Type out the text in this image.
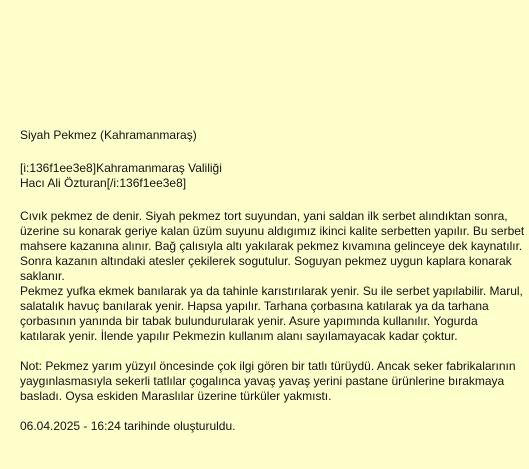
Siyah Pekmez (Kahramanmaraş)

[i:136f1ee3e8]Kahramanmaraş Valiliği
Hacı Ali Özturan[/i:136f1ee3e8]

Cıvık pekmez de denir. Siyah pekmez tort suyundan, yani saldan ilk serbet alındıktan sonra, üzerine su konarak geriye kalan üzüm suyunu aldıgımız ikinci kalite serbetten yapılır. Bu serbet mahsere kazanına alınır. Bağ çalısıyla altı yakılarak pekmez kıvamına gelinceye dek kaynatılır. Sonra kazanın altındaki atesler çekilerek sogutulur. Soguyan pekmez uygun kaplara konarak saklanır.

Pekmez yufka ekmek banılarak ya da tahinle karıstırılarak yenir. Su ile serbet yapılabilir. Marul, salatalık havuç banılarak yenir. Hapsa yapılır. Tarhana çorbasına katılarak ya da tarhana çorbasının yanında bir tabak bulundurularak yenir. Asure yapımında kullanılır. Yogurda katılarak yenir. İlende yapılır Pekmezin kullanım alanı sayılamayacak kadar çoktur.

Not: Pekmez yarım yüzyıl öncesinde çok ilgi gören bir tatlı türüydü. Ancak seker fabrikalarının yaygınlasmasıyla sekerli tatlılar çogalınca yavaş yavaş yerini pastane ürünlerine bırakmaya basladı. Oysa eskiden Maraslılar üzerine türküler yakmıstı.

06.04.2025 - 16:24 tarihinde oluşturuldu.
